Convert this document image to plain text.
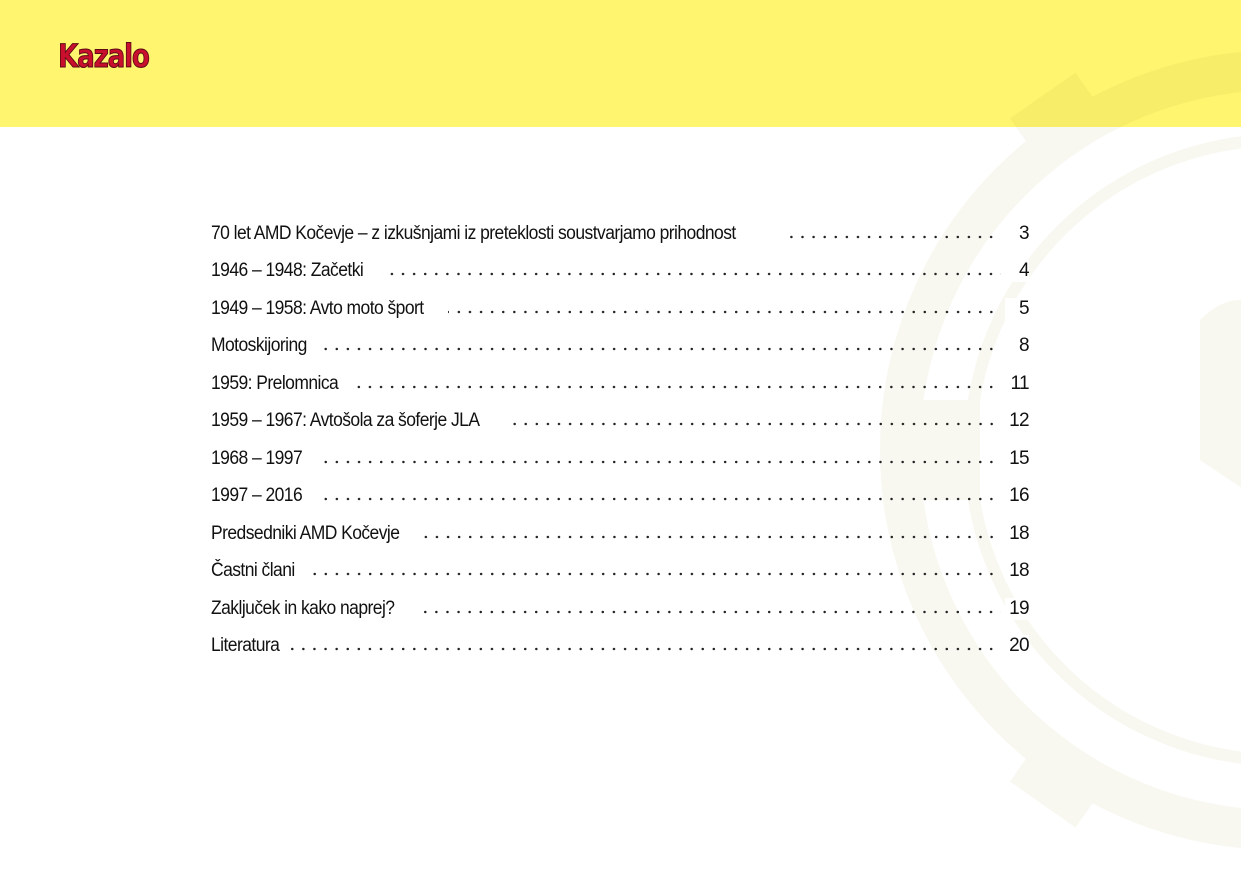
Kazalo
70 let AMD Kočevje – z izkušnjami iz preteklosti soustvarjamo prihodnost	3
1946 – 1948: Začetki	4
1949 – 1958: Avto moto šport	5
Motoskijoring	8
1959: Prelomnica	11
1959 – 1967: Avtošola za šoferje JLA	12
1968 – 1997	15
1997 – 2016	16
Predsedniki AMD Kočevje	18
Častni člani	18
Zaključek in kako naprej?	19
Literatura	20
